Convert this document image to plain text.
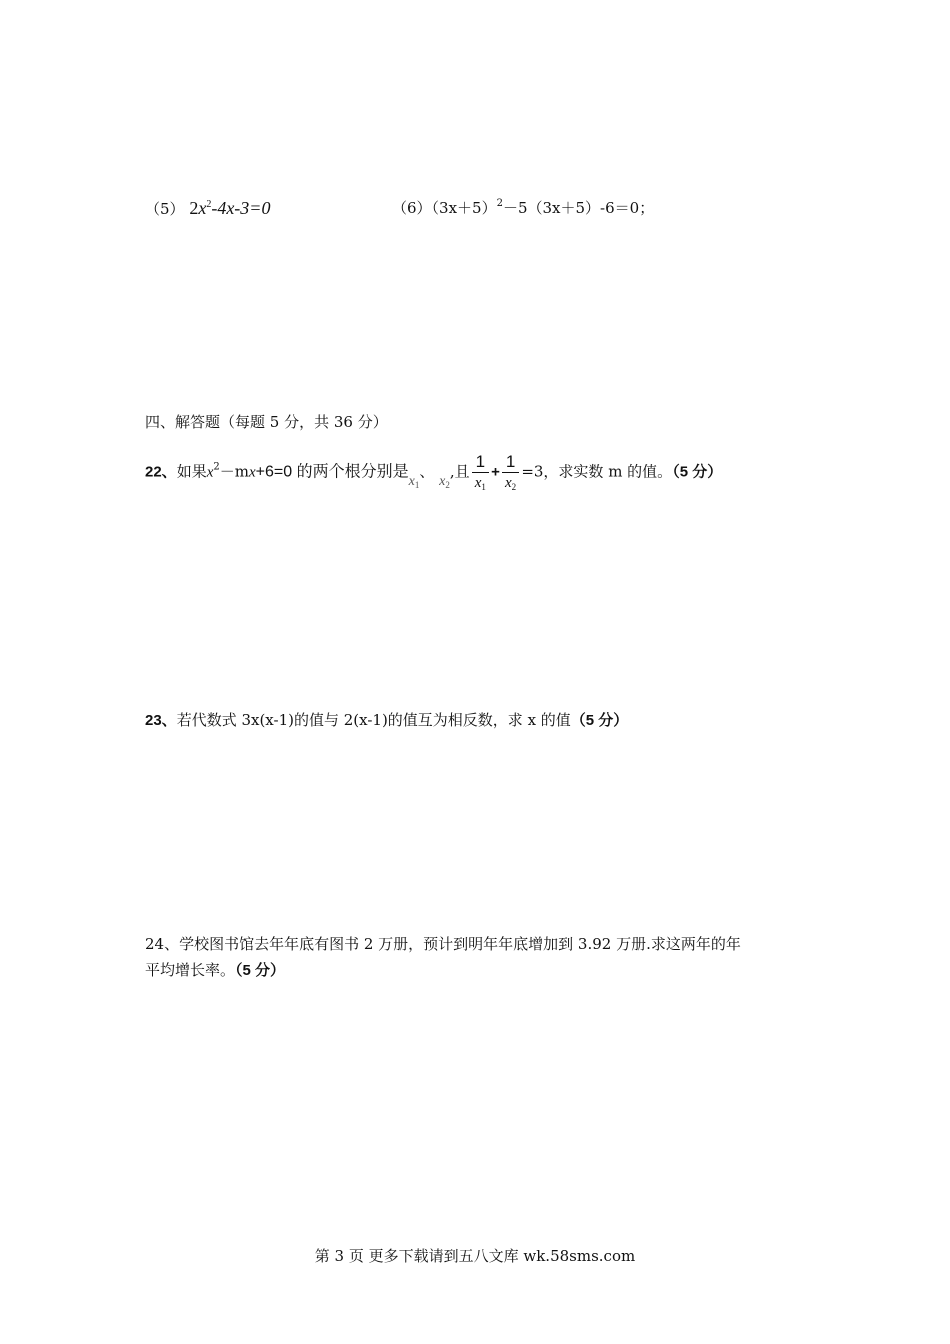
（5） $2x^2-4x-3=0$	$(6)(3x+5)^2-5(3x+5)-6=0$；
四、解答题（每题 5 分，共 36 分）
22、如果$x^2-mx+6=0$ 的两个根分别是$x_1$、 $x_2$,且 $\frac{1}{x_1} + \frac{1}{x_2} =3$，求实数 m 的值。（5 分）
23、若代数式 3x(x-1)的值与 2(x-1)的值互为相反数，求 x 的值（5 分）
24、学校图书馆去年年底有图书 2 万册，预计到明年年底增加到 3.92 万册.求这两年的年
平均增长率。（5 分）
第 3 页 更多下载请到五八文库 wk.58sms.com
